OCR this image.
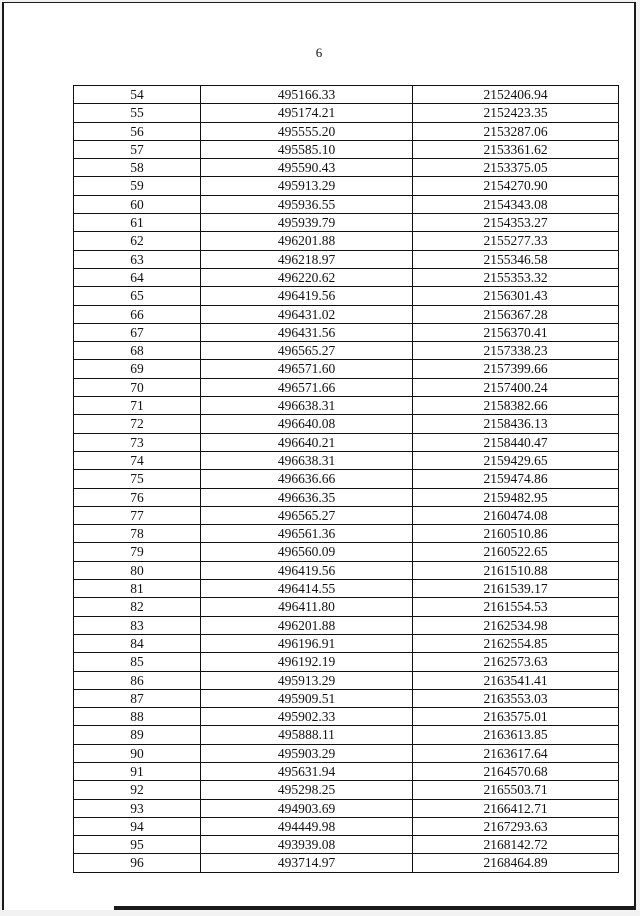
6
54	495166.33	2152406.94
55	495174.21	2152423.35
56	495555.20	2153287.06
57	495585.10	2153361.62
58	495590.43	2153375.05
59	495913.29	2154270.90
60	495936.55	2154343.08
61	495939.79	2154353.27
62	496201.88	2155277.33
63	496218.97	2155346.58
64	496220.62	2155353.32
65	496419.56	2156301.43
66	496431.02	2156367.28
67	496431.56	2156370.41
68	496565.27	2157338.23
69	496571.60	2157399.66
70	496571.66	2157400.24
71	496638.31	2158382.66
72	496640.08	2158436.13
73	496640.21	2158440.47
74	496638.31	2159429.65
75	496636.66	2159474.86
76	496636.35	2159482.95
77	496565.27	2160474.08
78	496561.36	2160510.86
79	496560.09	2160522.65
80	496419.56	2161510.88
81	496414.55	2161539.17
82	496411.80	2161554.53
83	496201.88	2162534.98
84	496196.91	2162554.85
85	496192.19	2162573.63
86	495913.29	2163541.41
87	495909.51	2163553.03
88	495902.33	2163575.01
89	495888.11	2163613.85
90	495903.29	2163617.64
91	495631.94	2164570.68
92	495298.25	2165503.71
93	494903.69	2166412.71
94	494449.98	2167293.63
95	493939.08	2168142.72
96	493714.97	2168464.89
